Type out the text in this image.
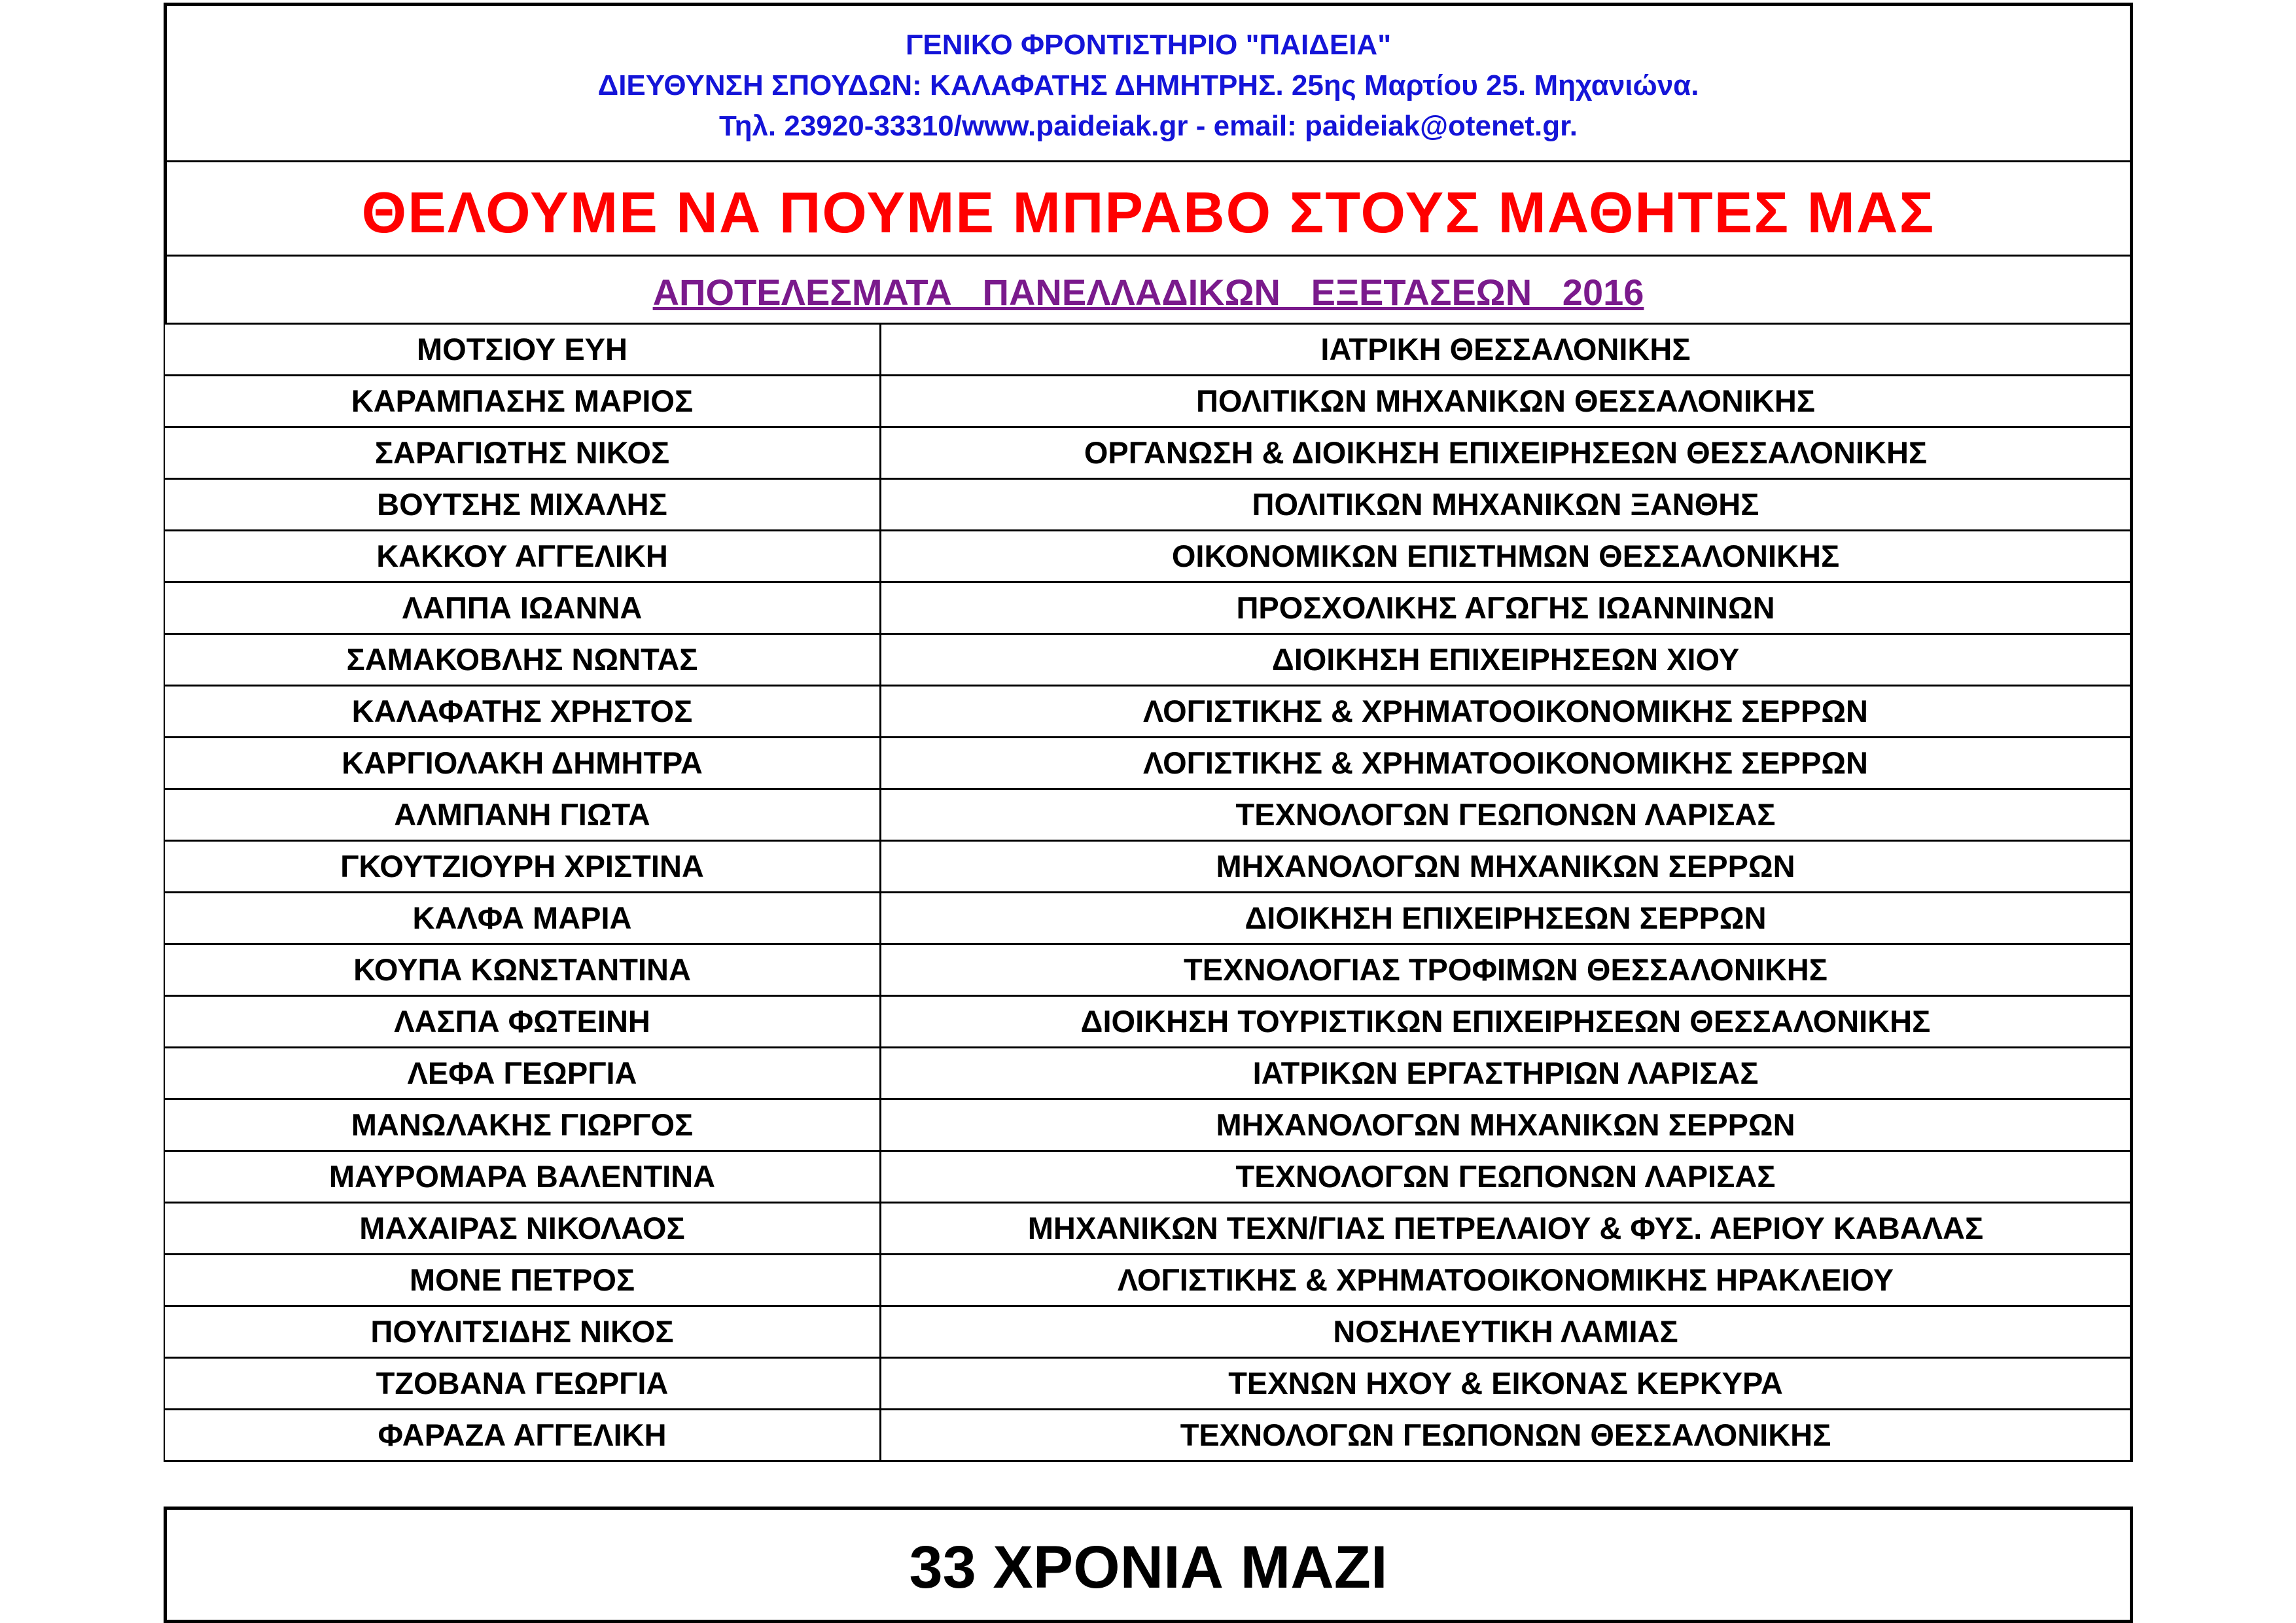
ΓΕΝΙΚΟ ΦΡΟΝΤΙΣΤΗΡΙΟ "ΠΑΙΔΕΙΑ"
ΔΙΕΥΘΥΝΣΗ ΣΠΟΥΔΩΝ: ΚΑΛΑΦΑΤΗΣ ΔΗΜΗΤΡΗΣ. 25ης Μαρτίου 25. Μηχανιώνα.
Τηλ. 23920-33310/www.paideiak.gr - email: paideiak@otenet.gr.
ΘΕΛΟΥΜΕ ΝΑ ΠΟΥΜΕ ΜΠΡΑΒΟ ΣΤΟΥΣ ΜΑΘΗΤΕΣ ΜΑΣ
ΑΠΟΤΕΛΕΣΜΑΤΑ   ΠΑΝΕΛΛΑΔΙΚΩΝ   ΕΞΕΤΑΣΕΩΝ   2016
ΜΟΤΣΙΟΥ ΕΥΗ	ΙΑΤΡΙΚΗ ΘΕΣΣΑΛΟΝΙΚΗΣ
ΚΑΡΑΜΠΑΣΗΣ ΜΑΡΙΟΣ	ΠΟΛΙΤΙΚΩΝ ΜΗΧΑΝΙΚΩΝ ΘΕΣΣΑΛΟΝΙΚΗΣ
ΣΑΡΑΓΙΩΤΗΣ ΝΙΚΟΣ	ΟΡΓΑΝΩΣΗ & ΔΙΟΙΚΗΣΗ ΕΠΙΧΕΙΡΗΣΕΩΝ ΘΕΣΣΑΛΟΝΙΚΗΣ
ΒΟΥΤΣΗΣ ΜΙΧΑΛΗΣ	ΠΟΛΙΤΙΚΩΝ ΜΗΧΑΝΙΚΩΝ ΞΑΝΘΗΣ
ΚΑΚΚΟΥ ΑΓΓΕΛΙΚΗ	ΟΙΚΟΝΟΜΙΚΩΝ ΕΠΙΣΤΗΜΩΝ ΘΕΣΣΑΛΟΝΙΚΗΣ
ΛΑΠΠΑ ΙΩΑΝΝΑ	ΠΡΟΣΧΟΛΙΚΗΣ ΑΓΩΓΗΣ ΙΩΑΝΝΙΝΩΝ
ΣΑΜΑΚΟΒΛΗΣ ΝΩΝΤΑΣ	ΔΙΟΙΚΗΣΗ ΕΠΙΧΕΙΡΗΣΕΩΝ ΧΙΟΥ
ΚΑΛΑΦΑΤΗΣ ΧΡΗΣΤΟΣ	ΛΟΓΙΣΤΙΚΗΣ & ΧΡΗΜΑΤΟΟΙΚΟΝΟΜΙΚΗΣ ΣΕΡΡΩΝ
ΚΑΡΓΙΟΛΑΚΗ ΔΗΜΗΤΡΑ	ΛΟΓΙΣΤΙΚΗΣ & ΧΡΗΜΑΤΟΟΙΚΟΝΟΜΙΚΗΣ ΣΕΡΡΩΝ
ΑΛΜΠΑΝΗ ΓΙΩΤΑ	ΤΕΧΝΟΛΟΓΩΝ ΓΕΩΠΟΝΩΝ ΛΑΡΙΣΑΣ
ΓΚΟΥΤΖΙΟΥΡΗ ΧΡΙΣΤΙΝΑ	ΜΗΧΑΝΟΛΟΓΩΝ ΜΗΧΑΝΙΚΩΝ ΣΕΡΡΩΝ
ΚΑΛΦΑ ΜΑΡΙΑ	ΔΙΟΙΚΗΣΗ ΕΠΙΧΕΙΡΗΣΕΩΝ ΣΕΡΡΩΝ
ΚΟΥΠΑ ΚΩΝΣΤΑΝΤΙΝΑ	ΤΕΧΝΟΛΟΓΙΑΣ ΤΡΟΦΙΜΩΝ ΘΕΣΣΑΛΟΝΙΚΗΣ
ΛΑΣΠΑ ΦΩΤΕΙΝΗ	ΔΙΟΙΚΗΣΗ ΤΟΥΡΙΣΤΙΚΩΝ ΕΠΙΧΕΙΡΗΣΕΩΝ ΘΕΣΣΑΛΟΝΙΚΗΣ
ΛΕΦΑ ΓΕΩΡΓΙΑ	ΙΑΤΡΙΚΩΝ ΕΡΓΑΣΤΗΡΙΩΝ ΛΑΡΙΣΑΣ
ΜΑΝΩΛΑΚΗΣ ΓΙΩΡΓΟΣ	ΜΗΧΑΝΟΛΟΓΩΝ ΜΗΧΑΝΙΚΩΝ ΣΕΡΡΩΝ
ΜΑΥΡΟΜΑΡΑ ΒΑΛΕΝΤΙΝΑ	ΤΕΧΝΟΛΟΓΩΝ ΓΕΩΠΟΝΩΝ ΛΑΡΙΣΑΣ
ΜΑΧΑΙΡΑΣ ΝΙΚΟΛΑΟΣ	ΜΗΧΑΝΙΚΩΝ ΤΕΧΝ/ΓΙΑΣ ΠΕΤΡΕΛΑΙΟΥ & ΦΥΣ. ΑΕΡΙΟΥ ΚΑΒΑΛΑΣ
ΜΟΝΕ ΠΕΤΡΟΣ	ΛΟΓΙΣΤΙΚΗΣ & ΧΡΗΜΑΤΟΟΙΚΟΝΟΜΙΚΗΣ ΗΡΑΚΛΕΙΟΥ
ΠΟΥΛΙΤΣΙΔΗΣ ΝΙΚΟΣ	ΝΟΣΗΛΕΥΤΙΚΗ ΛΑΜΙΑΣ
ΤΖΟΒΑΝΑ ΓΕΩΡΓΙΑ	ΤΕΧΝΩΝ ΗΧΟΥ & ΕΙΚΟΝΑΣ ΚΕΡΚΥΡΑ
ΦΑΡΑΖΑ ΑΓΓΕΛΙΚΗ	ΤΕΧΝΟΛΟΓΩΝ ΓΕΩΠΟΝΩΝ ΘΕΣΣΑΛΟΝΙΚΗΣ
33 ΧΡΟΝΙΑ ΜΑΖΙ
